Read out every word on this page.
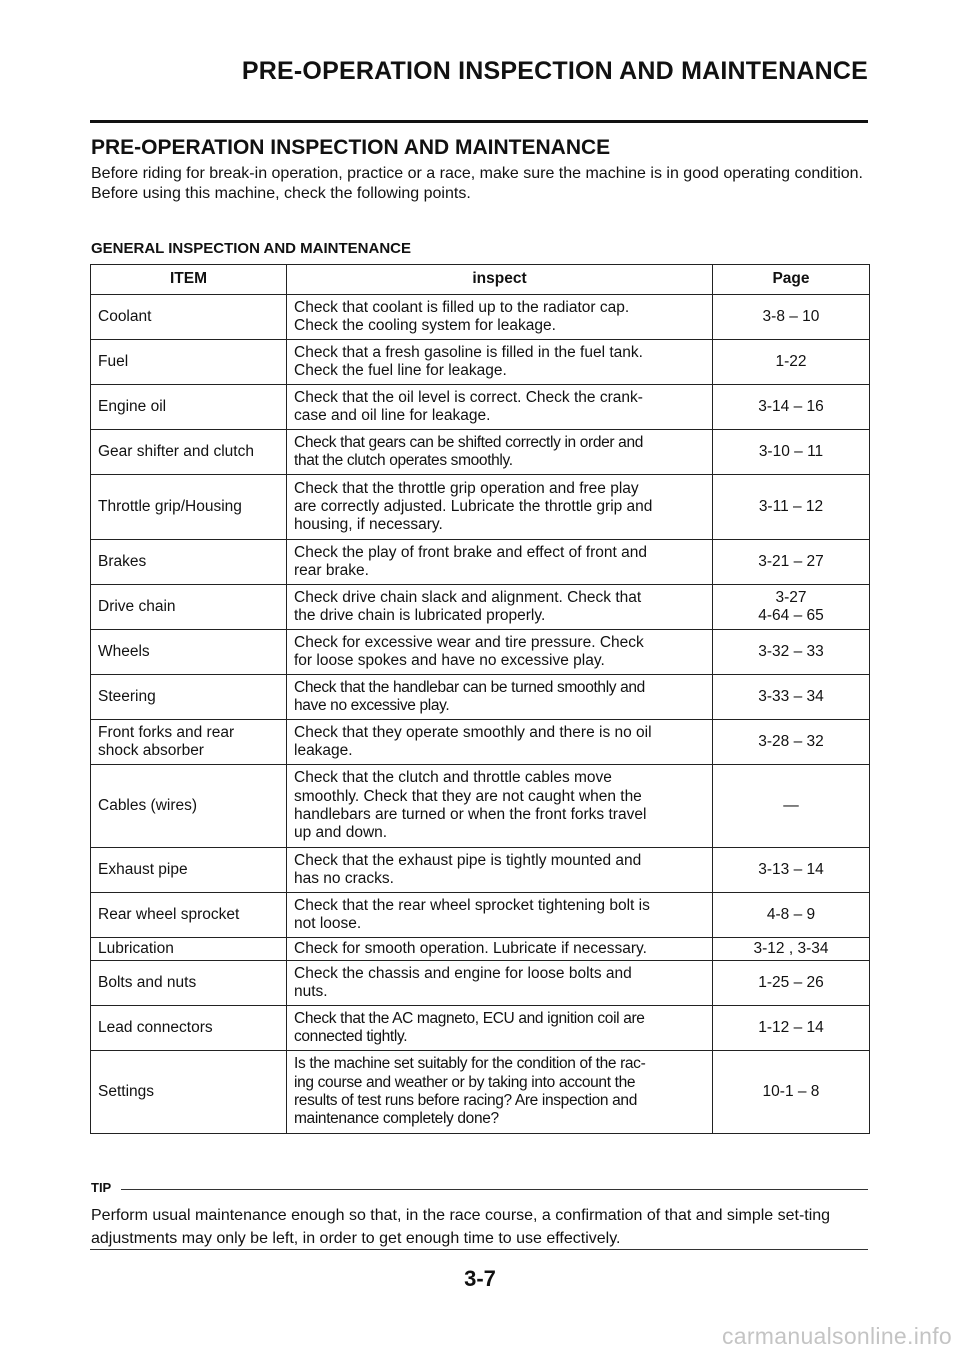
PRE-OPERATION INSPECTION AND MAINTENANCE
PRE-OPERATION INSPECTION AND MAINTENANCE

Before riding for break-in operation, practice or a race, make sure the machine is in good operating condition.

Before using this machine, check the following points.

GENERAL INSPECTION AND MAINTENANCE
ITEM	inspect	Page
Coolant	Check that coolant is filled up to the radiator cap.
Check the cooling system for leakage.	3-8 – 10
Fuel	Check that a fresh gasoline is filled in the fuel tank.
Check the fuel line for leakage.	1-22
Engine oil	Check that the oil level is correct. Check the crank-
case and oil line for leakage.	3-14 – 16
Gear shifter and clutch	Check that gears can be shifted correctly in order and
that the clutch operates smoothly.	3-10 – 11
Throttle grip/Housing	Check that the throttle grip operation and free play
are correctly adjusted. Lubricate the throttle grip and
housing, if necessary.	3-11 – 12
Brakes	Check the play of front brake and effect of front and
rear brake.	3-21 – 27
Drive chain	Check drive chain slack and alignment. Check that
the drive chain is lubricated properly.	3-27
4-64 – 65
Wheels	Check for excessive wear and tire pressure. Check
for loose spokes and have no excessive play.	3-32 – 33
Steering	Check that the handlebar can be turned smoothly and
have no excessive play.	3-33 – 34
Front forks and rear
shock absorber	Check that they operate smoothly and there is no oil
leakage.	3-28 – 32
Cables (wires)	Check that the clutch and throttle cables move
smoothly. Check that they are not caught when the
handlebars are turned or when the front forks travel
up and down.	—
Exhaust pipe	Check that the exhaust pipe is tightly mounted and
has no cracks.	3-13 – 14
Rear wheel sprocket	Check that the rear wheel sprocket tightening bolt is
not loose.	4-8 – 9
Lubrication	Check for smooth operation. Lubricate if necessary.	3-12 , 3-34
Bolts and nuts	Check the chassis and engine for loose bolts and
nuts.	1-25 – 26
Lead connectors	Check that the AC magneto, ECU and ignition coil are
connected tightly.	1-12 – 14
Settings	Is the machine set suitably for the condition of the rac-
ing course and weather or by taking into account the
results of test runs before racing? Are inspection and
maintenance completely done?	10-1 – 8
TIP
Perform usual maintenance enough so that, in the race course, a confirmation of that and simple set-ting adjustments may only be left, in order to get enough time to use effectively.
3-7
carmanualsonline.info
